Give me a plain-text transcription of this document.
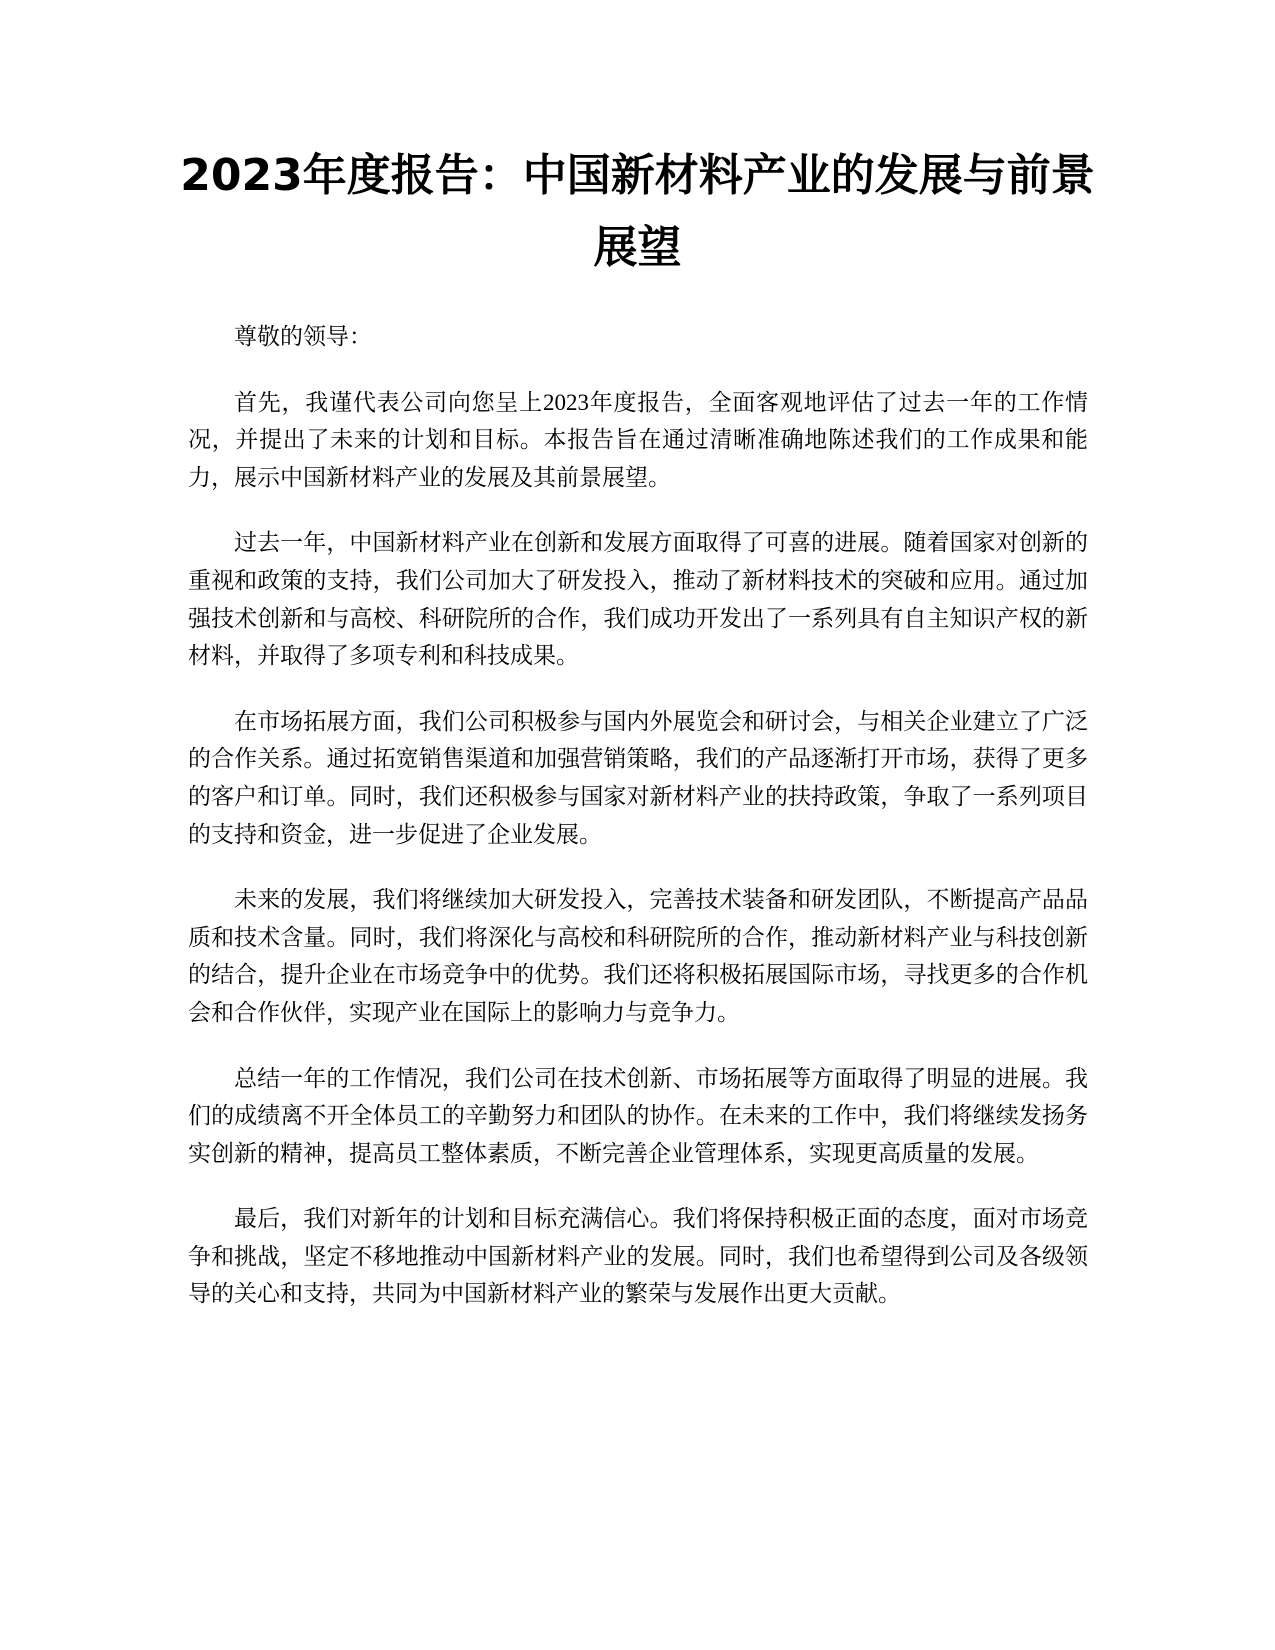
2023年度报告：中国新材料产业的发展与前景展望

尊敬的领导：

首先，我谨代表公司向您呈上2023年度报告，全面客观地评估了过去一年的工作情况，并提出了未来的计划和目标。本报告旨在通过清晰准确地陈述我们的工作成果和能力，展示中国新材料产业的发展及其前景展望。

过去一年，中国新材料产业在创新和发展方面取得了可喜的进展。随着国家对创新的重视和政策的支持，我们公司加大了研发投入，推动了新材料技术的突破和应用。通过加强技术创新和与高校、科研院所的合作，我们成功开发出了一系列具有自主知识产权的新材料，并取得了多项专利和科技成果。

在市场拓展方面，我们公司积极参与国内外展览会和研讨会，与相关企业建立了广泛的合作关系。通过拓宽销售渠道和加强营销策略，我们的产品逐渐打开市场，获得了更多的客户和订单。同时，我们还积极参与国家对新材料产业的扶持政策，争取了一系列项目的支持和资金，进一步促进了企业发展。

未来的发展，我们将继续加大研发投入，完善技术装备和研发团队，不断提高产品品质和技术含量。同时，我们将深化与高校和科研院所的合作，推动新材料产业与科技创新的结合，提升企业在市场竞争中的优势。我们还将积极拓展国际市场，寻找更多的合作机会和合作伙伴，实现产业在国际上的影响力与竞争力。

总结一年的工作情况，我们公司在技术创新、市场拓展等方面取得了明显的进展。我们的成绩离不开全体员工的辛勤努力和团队的协作。在未来的工作中，我们将继续发扬务实创新的精神，提高员工整体素质，不断完善企业管理体系，实现更高质量的发展。

最后，我们对新年的计划和目标充满信心。我们将保持积极正面的态度，面对市场竞争和挑战，坚定不移地推动中国新材料产业的发展。同时，我们也希望得到公司及各级领导的关心和支持，共同为中国新材料产业的繁荣与发展作出更大贡献。
